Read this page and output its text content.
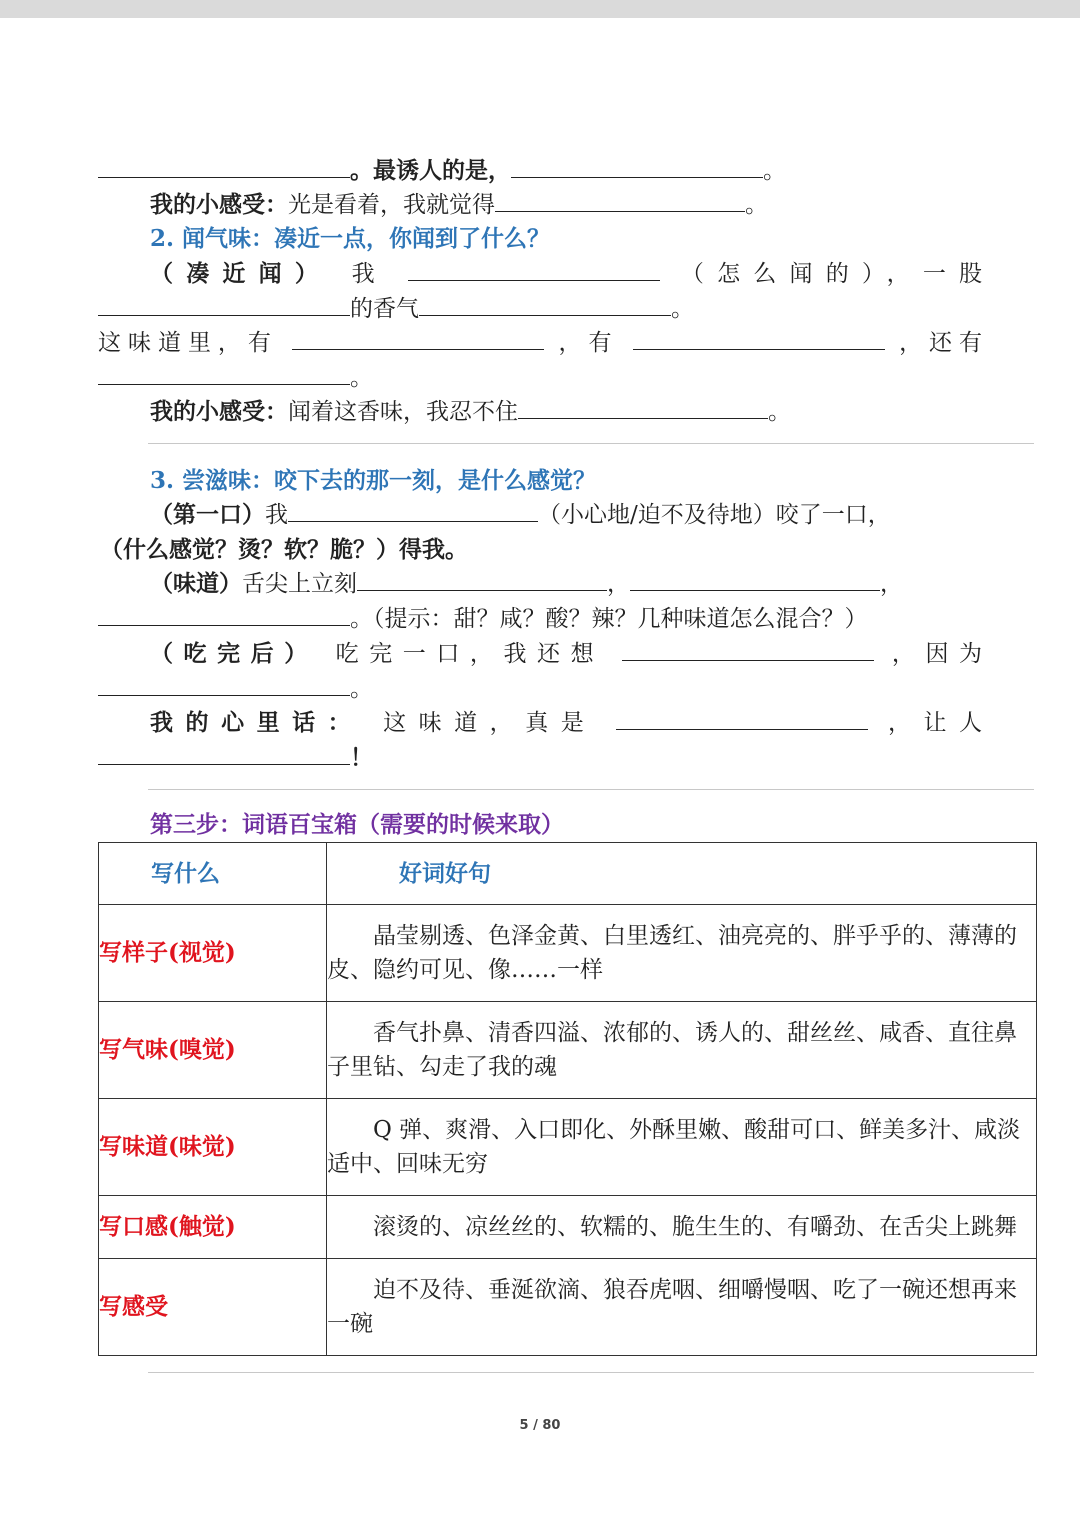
。最诱人的是，	。
我的小感受：光是看着，我就觉得	。
2. 闻气味：凑近一点，你闻到了什么？
（凑近闻） 我	（怎么闻的），一股
的香气	。
这味道里，有	，有	，还有
。
我的小感受：闻着这香味，我忍不住	。
3. 尝滋味：咬下去的那一刻，是什么感觉？
（第一口）我	（小心地/迫不及待地）咬了一口，
（什么感觉？烫？软？脆？）得我。
（味道）舌尖上立刻	，	，
。（提示：甜？咸？酸？辣？几种味道怎么混合？）
（吃完后） 吃完一口，我还想	，因为
。
我的心里话： 这味道，真是	，让人
！
第三步：词语百宝箱（需要的时候来取）
写什么	好词好句
写样子(视觉)	晶莹剔透、色泽金黄、白里透红、油亮亮的、胖乎乎的、薄薄的皮、隐约可见、像……一样

写气味(嗅觉)	香气扑鼻、清香四溢、浓郁的、诱人的、甜丝丝、咸香、直往鼻子里钻、勾走了我的魂

写味道(味觉)	Q 弹、爽滑、入口即化、外酥里嫩、酸甜可口、鲜美多汁、咸淡适中、回味无穷

写口感(触觉)	滚烫的、凉丝丝的、软糯的、脆生生的、有嚼劲、在舌尖上跳舞

写感受	迫不及待、垂涎欲滴、狼吞虎咽、细嚼慢咽、吃了一碗还想再来一碗
5 / 80
